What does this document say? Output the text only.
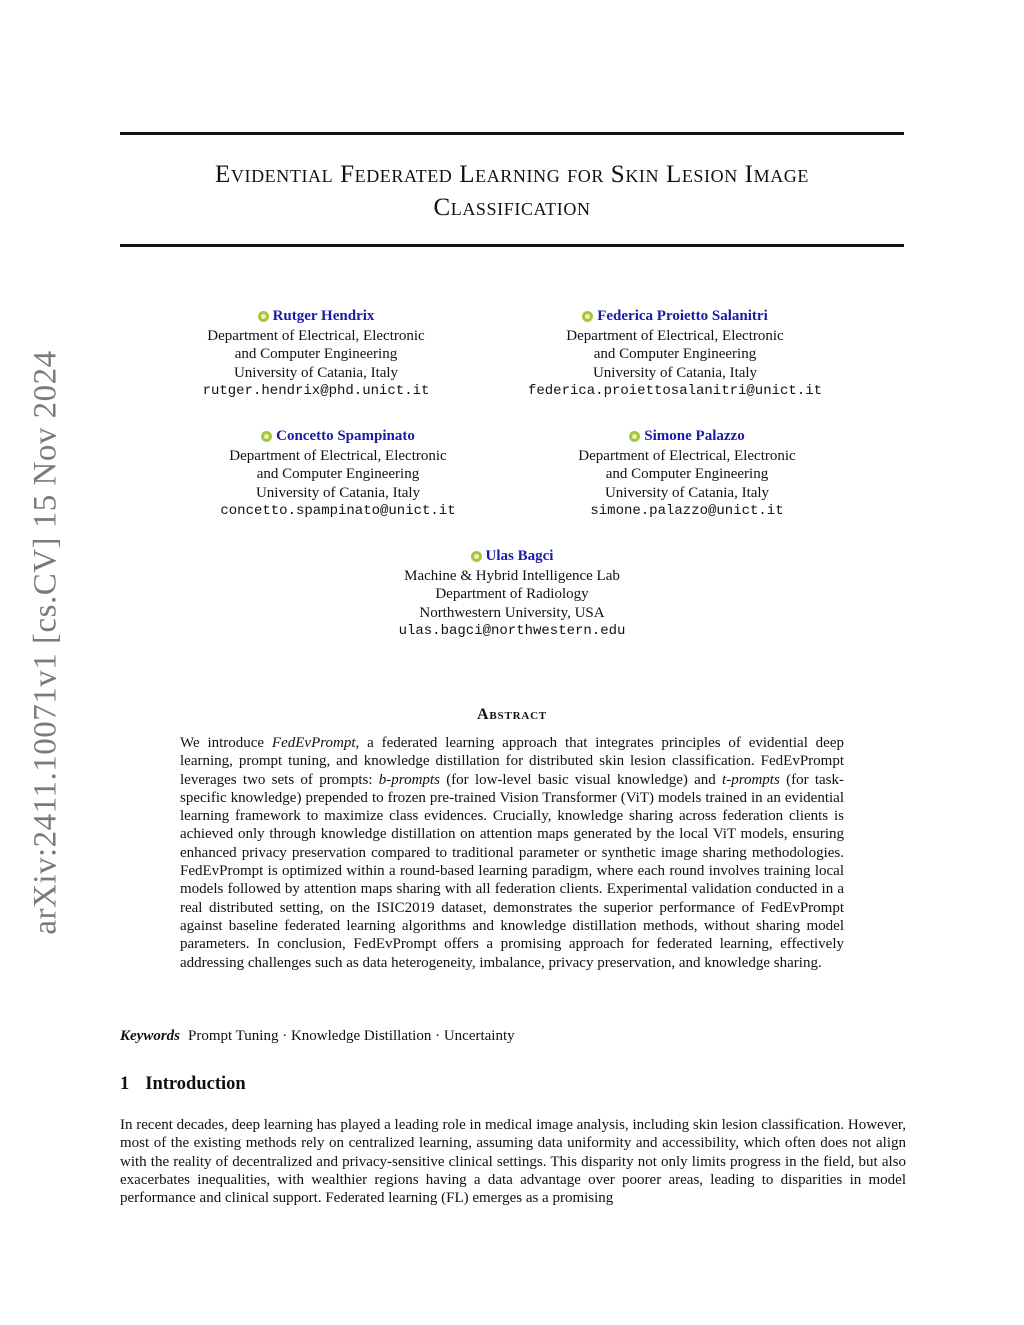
arXiv:2411.10071v1 [cs.CV] 15 Nov 2024
Evidential Federated Learning for Skin Lesion Image
Classification
Rutger Hendrix
Department of Electrical, Electronic
and Computer Engineering
University of Catania, Italy
rutger.hendrix@phd.unict.it
Federica Proietto Salanitri
Department of Electrical, Electronic
and Computer Engineering
University of Catania, Italy
federica.proiettosalanitri@unict.it
Concetto Spampinato
Department of Electrical, Electronic
and Computer Engineering
University of Catania, Italy
concetto.spampinato@unict.it
Simone Palazzo
Department of Electrical, Electronic
and Computer Engineering
University of Catania, Italy
simone.palazzo@unict.it
Ulas Bagci
Machine & Hybrid Intelligence Lab
Department of Radiology
Northwestern University, USA
ulas.bagci@northwestern.edu
Abstract
We introduce FedEvPrompt, a federated learning approach that integrates principles of evidential deep learning, prompt tuning, and knowledge distillation for distributed skin lesion classification. FedEvPrompt leverages two sets of prompts: b-prompts (for low-level basic visual knowledge) and t-prompts (for task-specific knowledge) prepended to frozen pre-trained Vision Transformer (ViT) models trained in an evidential learning framework to maximize class evidences. Crucially, knowledge sharing across federation clients is achieved only through knowledge distillation on attention maps generated by the local ViT models, ensuring enhanced privacy preservation compared to traditional parameter or synthetic image sharing methodologies. FedEvPrompt is optimized within a round-based learning paradigm, where each round involves training local models followed by attention maps sharing with all federation clients. Experimental validation conducted in a real distributed setting, on the ISIC2019 dataset, demonstrates the superior performance of FedEvPrompt against baseline federated learning algorithms and knowledge distillation methods, without sharing model parameters. In conclusion, FedEvPrompt offers a promising approach for federated learning, effectively addressing challenges such as data heterogeneity, imbalance, privacy preservation, and knowledge sharing.
Keywords Prompt Tuning · Knowledge Distillation · Uncertainty
1 Introduction
In recent decades, deep learning has played a leading role in medical image analysis, including skin lesion classification. However, most of the existing methods rely on centralized learning, assuming data uniformity and accessibility, which often does not align with the reality of decentralized and privacy-sensitive clinical settings. This disparity not only limits progress in the field, but also exacerbates inequalities, with wealthier regions having a data advantage over poorer areas, leading to disparities in model performance and clinical support. Federated learning (FL) emerges as a promising
